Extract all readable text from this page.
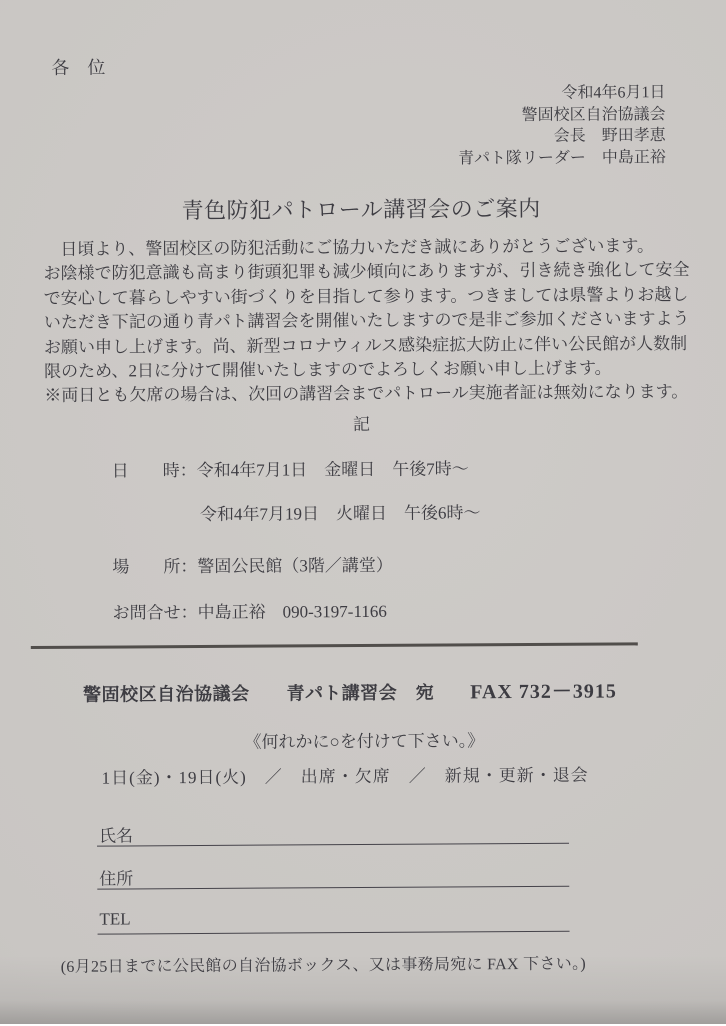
各　位
令和4年6月1日
警固校区自治協議会
会長　野田孝恵
青パト隊リーダー　中島正裕
青色防犯パトロール講習会のご案内
　日頃より、警固校区の防犯活動にご協力いただき誠にありがとうございます。
お陰様で防犯意識も高まり街頭犯罪も減少傾向にありますが、引き続き強化して安全
で安心して暮らしやすい街づくりを目指して参ります。つきましては県警よりお越し
いただき下記の通り青パト講習会を開催いたしますので是非ご参加くださいますよう
お願い申し上げます。尚、新型コロナウィルス感染症拡大防止に伴い公民館が人数制
限のため、2日に分けて開催いたしますのでよろしくお願い申し上げます。
※両日とも欠席の場合は、次回の講習会までパトロール実施者証は無効になります。
記
日　　時：令和4年7月1日　金曜日　午後7時～
令和4年7月19日　火曜日　午後6時～
場　　所：警固公民館（3階／講堂）
お問合せ：中島正裕　090-3197-1166
警固校区自治協議会　　青パト講習会　宛 FAX 732－3915
《何れかに○を付けて下さい。》
1日(金)・19日(火)　／　出席・欠席　／　新規・更新・退会
氏名
住所
TEL
(6月25日までに公民館の自治協ボックス、又は事務局宛に FAX 下さい。)
